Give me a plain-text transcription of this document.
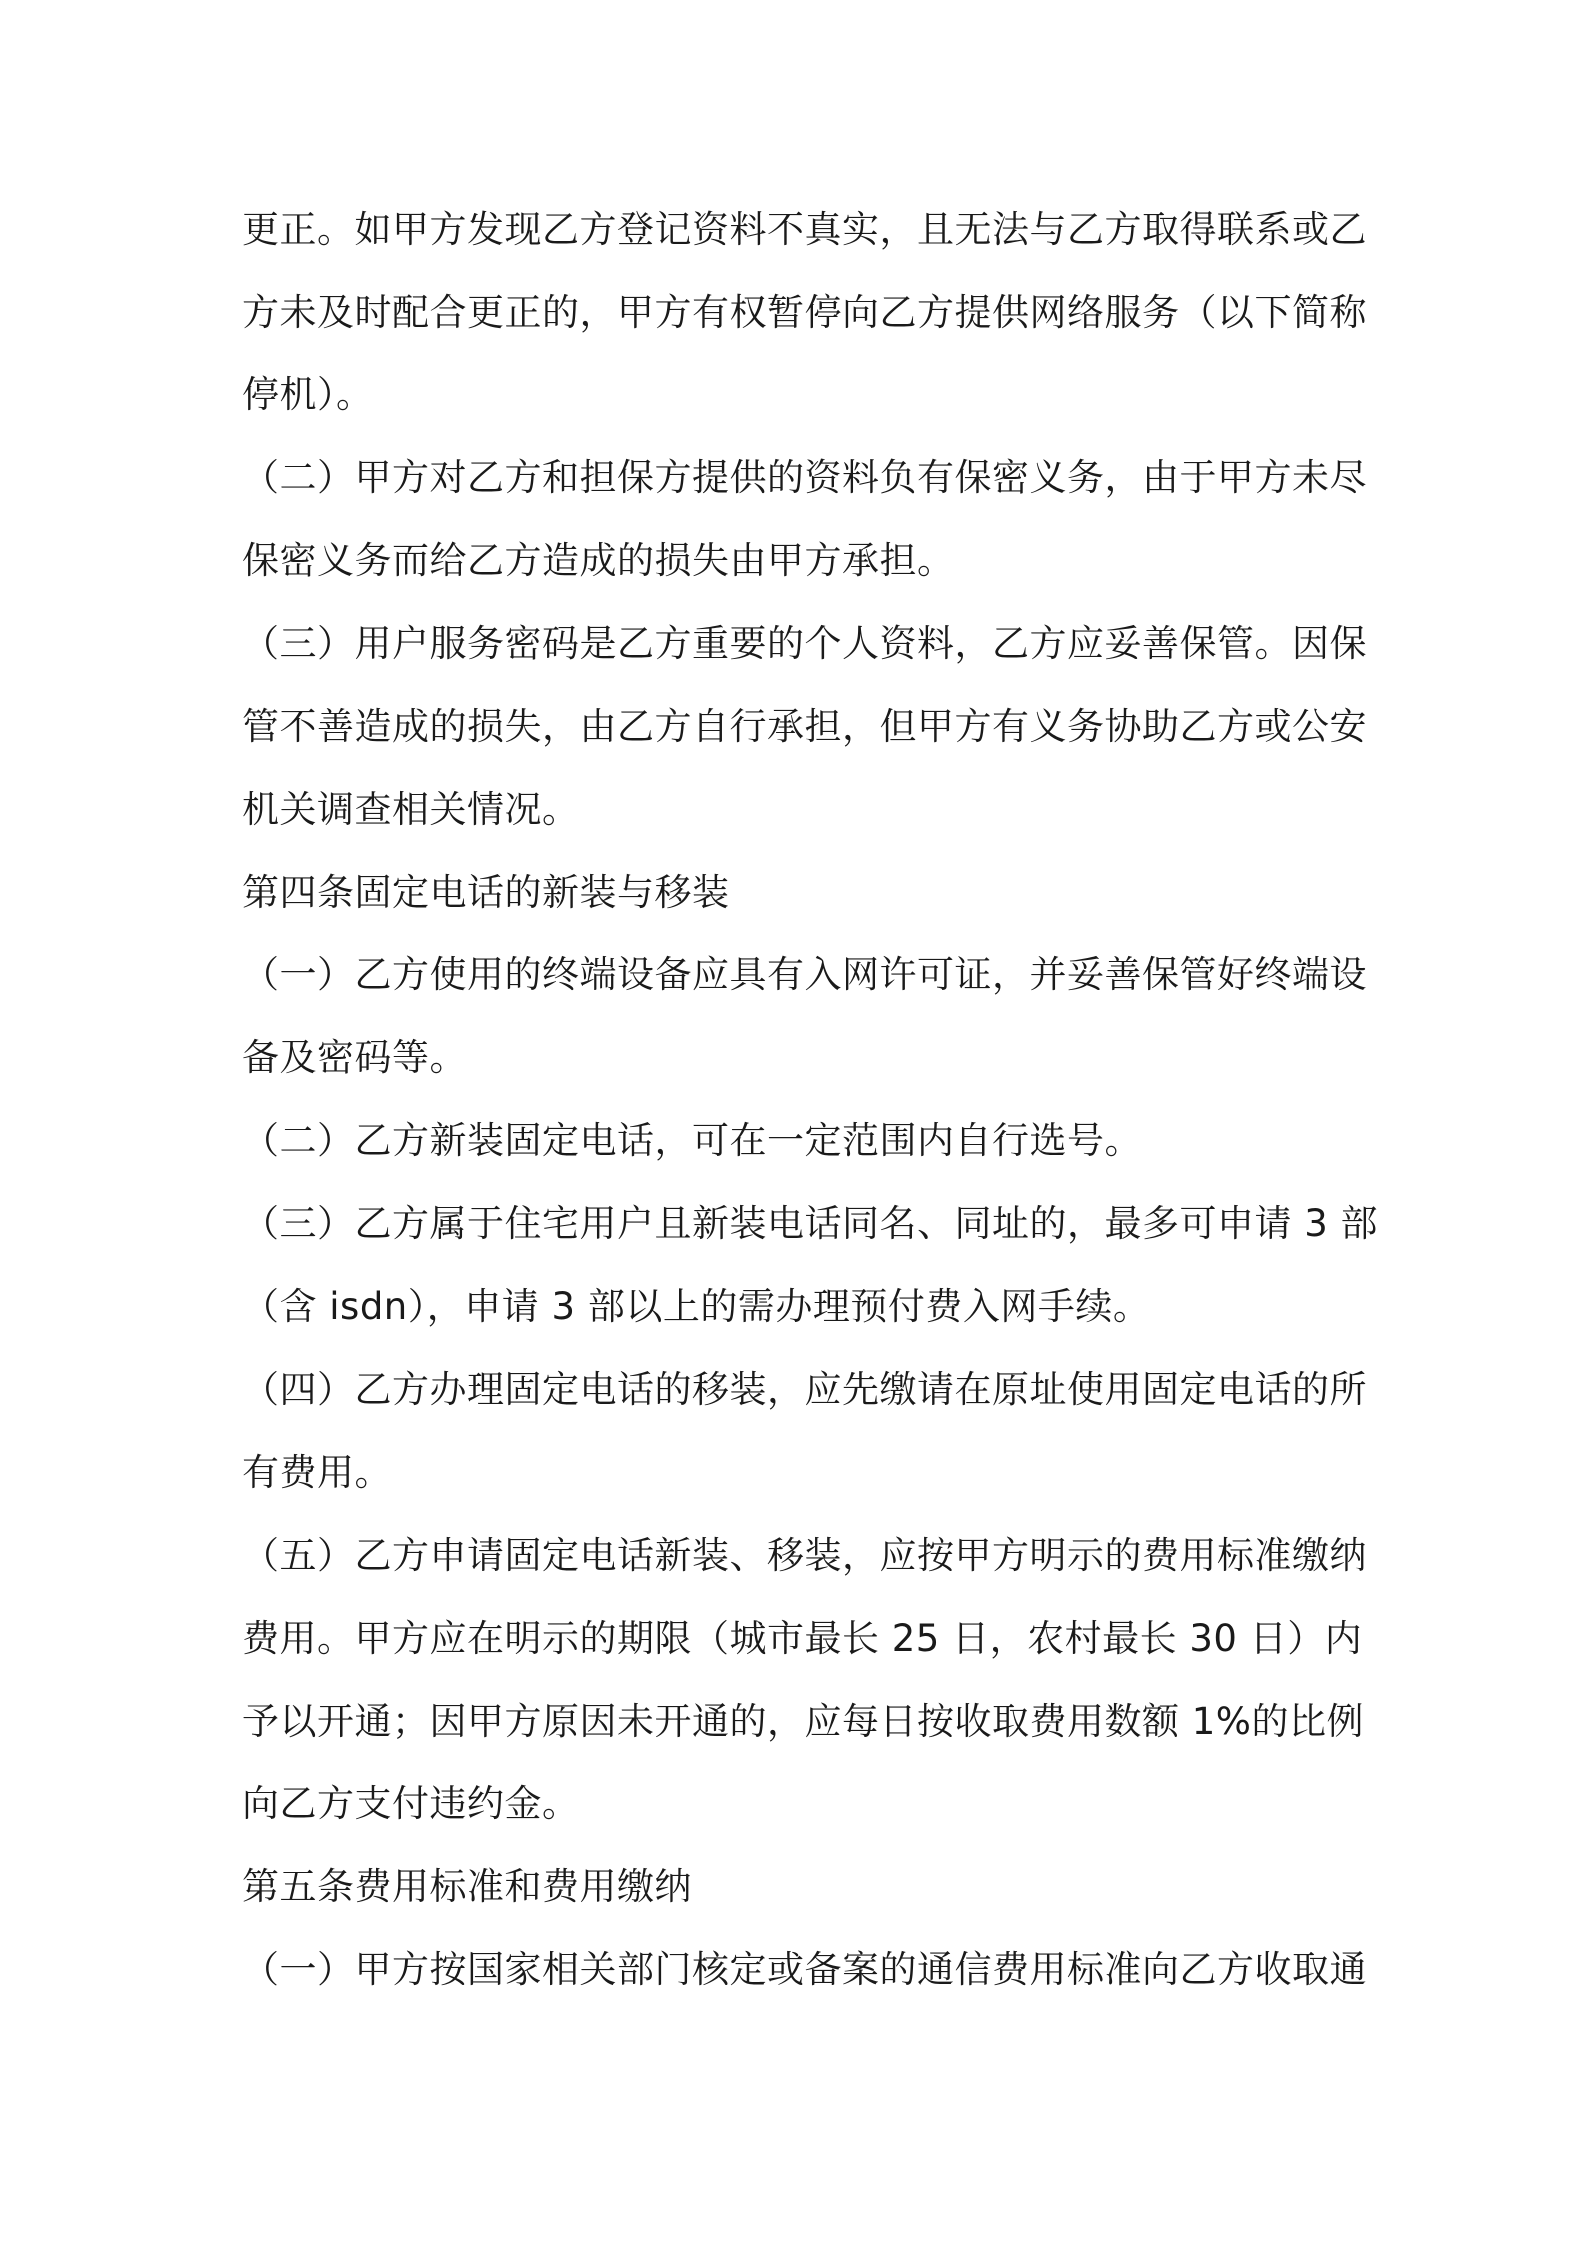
更正。如甲方发现乙方登记资料不真实，且无法与乙方取得联系或乙
方未及时配合更正的，甲方有权暂停向乙方提供网络服务（以下简称
停机）。
（二）甲方对乙方和担保方提供的资料负有保密义务，由于甲方未尽
保密义务而给乙方造成的损失由甲方承担。
（三）用户服务密码是乙方重要的个人资料，乙方应妥善保管。因保
管不善造成的损失，由乙方自行承担，但甲方有义务协助乙方或公安
机关调查相关情况。
第四条固定电话的新装与移装
（一）乙方使用的终端设备应具有入网许可证，并妥善保管好终端设
备及密码等。
（二）乙方新装固定电话，可在一定范围内自行选号。
（三）乙方属于住宅用户且新装电话同名、同址的，最多可申请 3 部
（含 isdn），申请 3 部以上的需办理预付费入网手续。
（四）乙方办理固定电话的移装，应先缴请在原址使用固定电话的所
有费用。
（五）乙方申请固定电话新装、移装，应按甲方明示的费用标准缴纳
费用。甲方应在明示的期限（城市最长 25 日，农村最长 30 日）内
予以开通；因甲方原因未开通的，应每日按收取费用数额 1%的比例
向乙方支付违约金。
第五条费用标准和费用缴纳
（一）甲方按国家相关部门核定或备案的通信费用标准向乙方收取通
